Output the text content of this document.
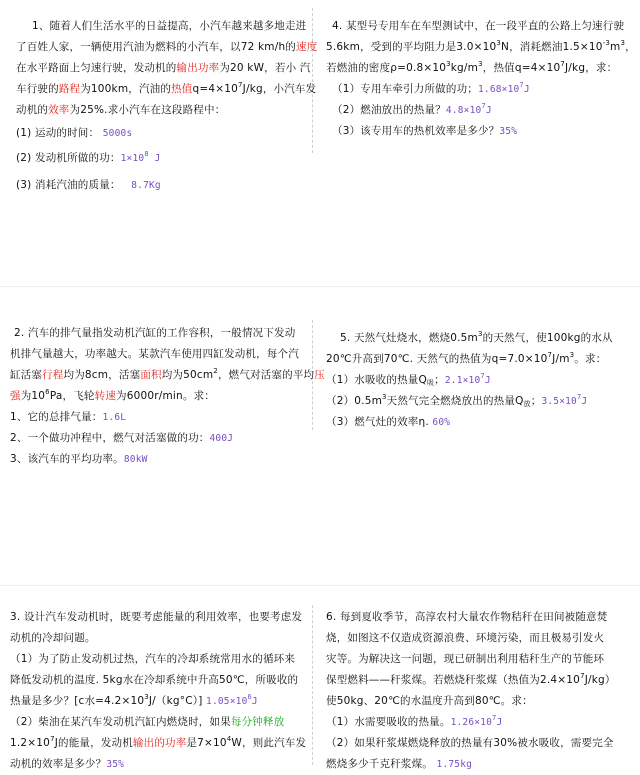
1、随着人们生活水平的日益提高，小汽车越来越多地走进
了百姓人家，一辆使用汽油为燃料的小汽车，以72 km/h的速度
在水平路面上匀速行驶，发动机的输出功率为20 kW，若小 汽
车行驶的路程为100km，汽油的热值$q=4\times 10^7J/kg$，小汽车发
动机的效率为25%.求小汽车在这段路程中：
(1) 运动的时间： 5000s
(2) 发动机所做的功：$1\times 10^8$ J
(3) 消耗汽油的质量： 8.7Kg
4. 某型号专用车在车型测试中，在一段平直的公路上匀速行驶
5.6km，受到的平均阻力是$3.0\times 10^3N$，消耗燃油$1.5\times 10^{-3}m^3$，
若燃油的密度$\rho=0.8\times 10^3kg/m^3$，热值$q=4\times 10^7J/kg$，求：
（1）专用车牵引力所做的功；$1.68\times 10^7J$
（2）燃油放出的热量？$4.8\times 10^7J$
（3）该专用车的热机效率是多少？35%
2. 汽车的排气量指发动机汽缸的工作容积，一般情况下发动
机排气量越大，功率越大。某款汽车使用四缸发动机，每个汽
缸活塞行程均为8cm，活塞面积均为$50cm^2$，燃气对活塞的平均压
强为$10^6Pa$，飞轮转速为6000r/min。求：
1、它的总排气量：1.6L
2、一个做功冲程中，燃气对活塞做的功：400J
3、该汽车的平均功率。80kW
5. 天然气灶烧水，燃烧$0.5m^3$的天然气，使100kg的水从
20℃升高到70℃. 天然气的热值为$q=7.0\times 10^7J/m^3$。求：
（1）水吸收的热量$Q_吸$；$2.1\times 10^7J$
$(2)0.5m^3$天然气完全燃烧放出的热量$Q_放$；$3.5\times 10^7J$
（3）燃气灶的效率η. 60%
3. 设计汽车发动机时，既要考虑能量的利用效率，也要考虑发
动机的冷却问题。
（1）为了防止发动机过热，汽车的冷却系统常用水的循环来
降低发动机的温度. 5kg水在冷却系统中升高50℃，所吸收的
热量是多少？[c水$=4.2\times 10^3J/(kg^\circ C)$] $1.05\times 10^6J$
（2）柴油在某汽车发动机汽缸内燃烧时，如果每分钟释放
$1.2\times 10^7J$的能量，发动机输出的功率是$7\times 10^4W$，则此汽车发
动机的效率是多少？35%
6. 每到夏收季节，高淳农村大量农作物秸秆在田间被随意焚
烧，如图这不仅造成资源浪费、环境污染，而且极易引发火
灾等。为解决这一问题，现已研制出利用秸秆生产的节能环
保型燃料——秆浆煤。若燃烧秆浆煤（热值为$2.4\times 10^7J/kg$）
使50kg、20℃的水温度升高到80℃。求：
（1）水需要吸收的热量。$1.26\times 10^7J$
（2）如果秆浆煤燃烧释放的热量有30%被水吸收，需要完全
燃烧多少千克秆浆煤。 1.75kg
